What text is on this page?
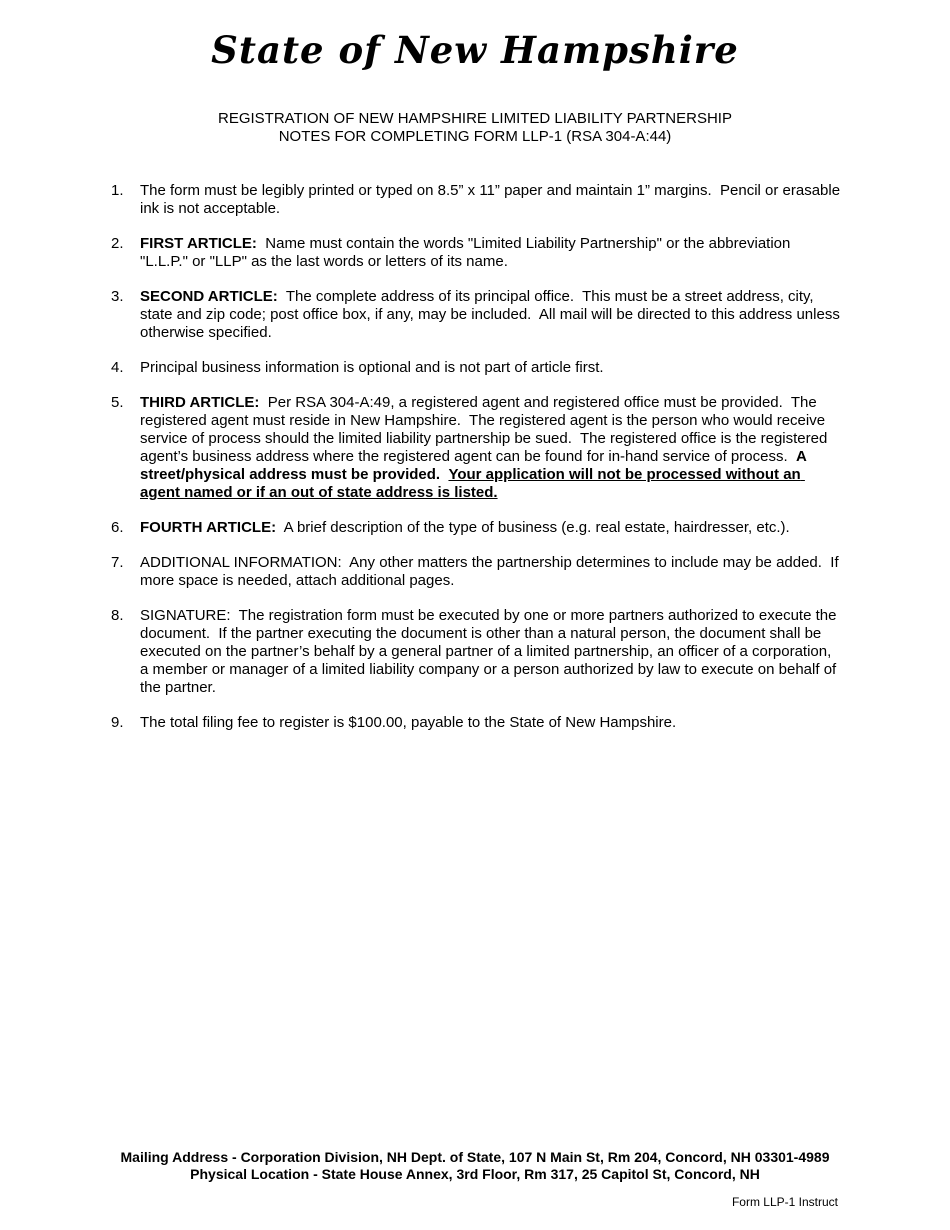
State of New Hampshire
REGISTRATION OF NEW HAMPSHIRE LIMITED LIABILITY PARTNERSHIP
NOTES FOR COMPLETING FORM LLP-1 (RSA 304-A:44)
1.	The form must be legibly printed or typed on 8.5” x 11” paper and maintain 1” margins.  Pencil or erasable ink is not acceptable.
2.	FIRST ARTICLE:  Name must contain the words "Limited Liability Partnership" or the abbreviation "L.L.P." or "LLP" as the last words or letters of its name.
3.	SECOND ARTICLE:  The complete address of its principal office.  This must be a street address, city, state and zip code; post office box, if any, may be included.  All mail will be directed to this address unless otherwise specified.
4.	Principal business information is optional and is not part of article first.
5.	THIRD ARTICLE:  Per RSA 304-A:49, a registered agent and registered office must be provided.  The registered agent must reside in New Hampshire.  The registered agent is the person who would receive service of process should the limited liability partnership be sued.  The registered office is the registered agent’s business address where the registered agent can be found for in-hand service of process.  A street/physical address must be provided. Your application will not be processed without an agent named or if an out of state address is listed.
6.	FOURTH ARTICLE:  A brief description of the type of business (e.g. real estate, hairdresser, etc.).
7.	ADDITIONAL INFORMATION:  Any other matters the partnership determines to include may be added.  If more space is needed, attach additional pages.
8.	SIGNATURE:  The registration form must be executed by one or more partners authorized to execute the document.  If the partner executing the document is other than a natural person, the document shall be executed on the partner’s behalf by a general partner of a limited partnership, an officer of a corporation, a member or manager of a limited liability company or a person authorized by law to execute on behalf of the partner.
9.	The total filing fee to register is $100.00, payable to the State of New Hampshire.
Mailing Address - Corporation Division, NH Dept. of State, 107 N Main St, Rm 204, Concord, NH 03301-4989
Physical Location - State House Annex, 3rd Floor, Rm 317, 25 Capitol St, Concord, NH
Form LLP-1 Instruct
